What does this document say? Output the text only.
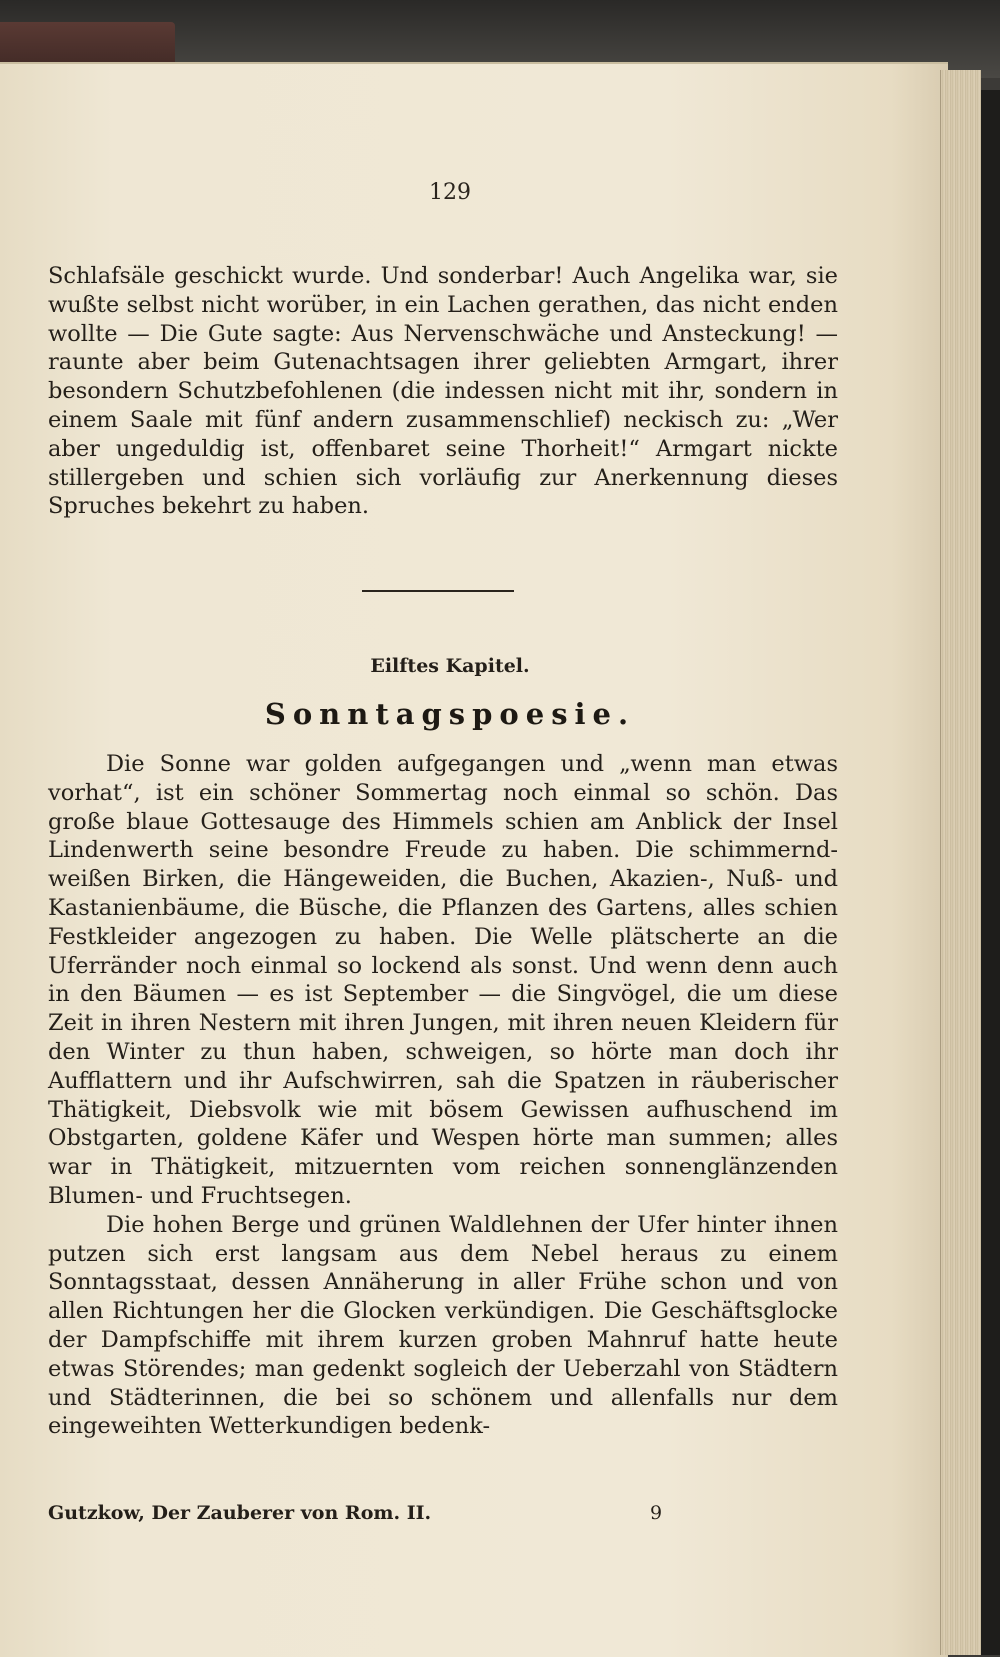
129

Schlafsäle geschickt wurde. Und sonderbar! Auch Angelika war, sie wußte selbst nicht worüber, in ein Lachen gerathen, das nicht enden wollte — Die Gute sagte: Aus Nervenschwäche und Ansteckung! — raunte aber beim Gutenachtsagen ihrer geliebten Armgart, ihrer besondern Schutzbefohlenen (die indessen nicht mit ihr, sondern in einem Saale mit fünf andern zusammenschlief) neckisch zu: „Wer aber ungeduldig ist, offenbaret seine Thorheit!“ Armgart nickte stillergeben und schien sich vorläufig zur Anerkennung dieses Spruches bekehrt zu haben.

Eilftes Kapitel.
Sonntagspoesie.

Die Sonne war golden aufgegangen und „wenn man etwas vorhat“, ist ein schöner Sommertag noch einmal so schön. Das große blaue Gottesauge des Himmels schien am Anblick der Insel Lindenwerth seine besondre Freude zu haben. Die schimmernd-weißen Birken, die Hängeweiden, die Buchen, Akazien-, Nuß- und Kastanienbäume, die Büsche, die Pflanzen des Gartens, alles schien Festkleider angezogen zu haben. Die Welle plätscherte an die Uferränder noch einmal so lockend als sonst. Und wenn denn auch in den Bäumen — es ist September — die Singvögel, die um diese Zeit in ihren Nestern mit ihren Jungen, mit ihren neuen Kleidern für den Winter zu thun haben, schweigen, so hörte man doch ihr Aufflattern und ihr Aufschwirren, sah die Spatzen in räuberischer Thätigkeit, Diebsvolk wie mit bösem Gewissen aufhuschend im Obstgarten, goldene Käfer und Wespen hörte man summen; alles war in Thätigkeit, mitzuernten vom reichen sonnenglänzenden Blumen- und Fruchtsegen.

Die hohen Berge und grünen Waldlehnen der Ufer hinter ihnen putzen sich erst langsam aus dem Nebel heraus zu einem Sonntagsstaat, dessen Annäherung in aller Frühe schon und von allen Richtungen her die Glocken verkündigen. Die Geschäftsglocke der Dampfschiffe mit ihrem kurzen groben Mahnruf hatte heute etwas Störendes; man gedenkt sogleich der Ueberzahl von Städtern und Städterinnen, die bei so schönem und allenfalls nur dem eingeweihten Wetterkundigen bedenk-

Gutzkow, Der Zauberer von Rom. II.	9
